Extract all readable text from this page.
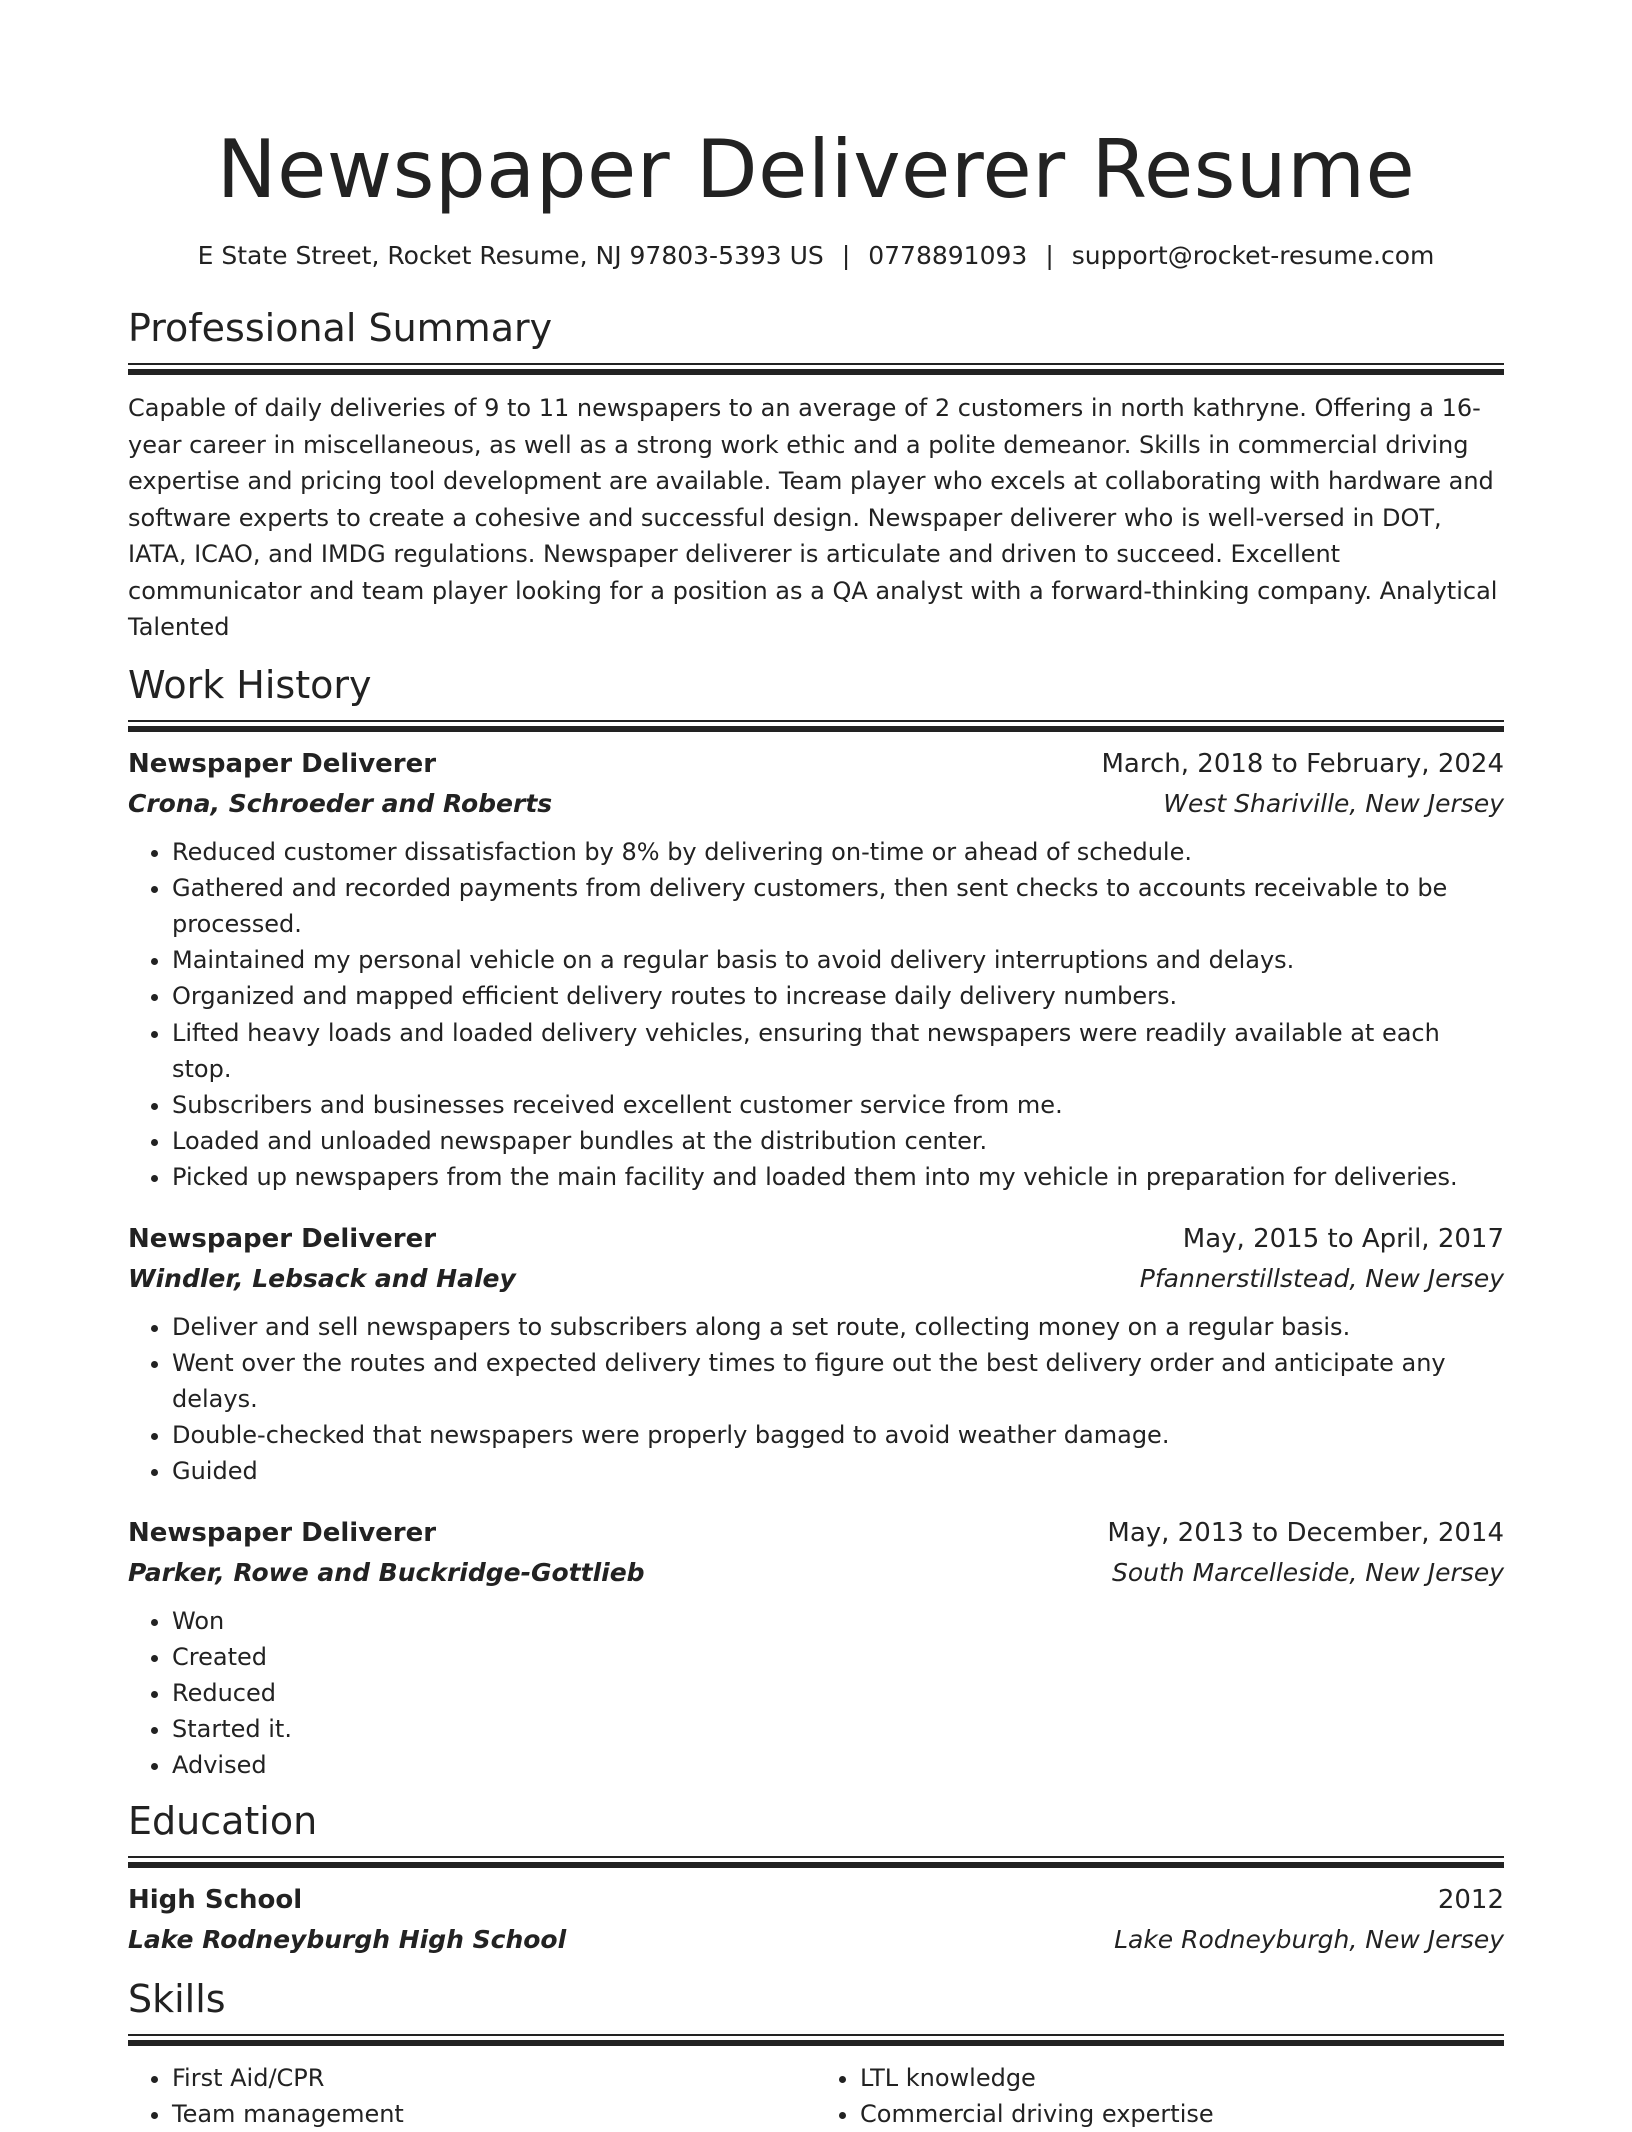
Newspaper Deliverer Resume
E State Street, Rocket Resume, NJ 97803-5393 US | 0778891093 | support@rocket-resume.com
Professional Summary
Capable of daily deliveries of 9 to 11 newspapers to an average of 2 customers in north kathryne. Offering a 16-year career in miscellaneous, as well as a strong work ethic and a polite demeanor. Skills in commercial driving expertise and pricing tool development are available. Team player who excels at collaborating with hardware and software experts to create a cohesive and successful design. Newspaper deliverer who is well-versed in DOT, IATA, ICAO, and IMDG regulations. Newspaper deliverer is articulate and driven to succeed. Excellent communicator and team player looking for a position as a QA analyst with a forward-thinking company. Analytical Talented
Work History
Newspaper Deliverer	March, 2018 to February, 2024
Crona, Schroeder and Roberts	West Shariville, New Jersey
• Reduced customer dissatisfaction by 8% by delivering on-time or ahead of schedule.
• Gathered and recorded payments from delivery customers, then sent checks to accounts receivable to be processed.
• Maintained my personal vehicle on a regular basis to avoid delivery interruptions and delays.
• Organized and mapped efficient delivery routes to increase daily delivery numbers.
• Lifted heavy loads and loaded delivery vehicles, ensuring that newspapers were readily available at each stop.
• Subscribers and businesses received excellent customer service from me.
• Loaded and unloaded newspaper bundles at the distribution center.
• Picked up newspapers from the main facility and loaded them into my vehicle in preparation for deliveries.
Newspaper Deliverer	May, 2015 to April, 2017
Windler, Lebsack and Haley	Pfannerstillstead, New Jersey
• Deliver and sell newspapers to subscribers along a set route, collecting money on a regular basis.
• Went over the routes and expected delivery times to figure out the best delivery order and anticipate any delays.
• Double-checked that newspapers were properly bagged to avoid weather damage.
• Guided
Newspaper Deliverer	May, 2013 to December, 2014
Parker, Rowe and Buckridge-Gottlieb	South Marcelleside, New Jersey
• Won
• Created
• Reduced
• Started it.
• Advised
Education
High School	2012
Lake Rodneyburgh High School	Lake Rodneyburgh, New Jersey
Skills
• First Aid/CPR
• Team management
• LTL knowledge
• Commercial driving expertise
